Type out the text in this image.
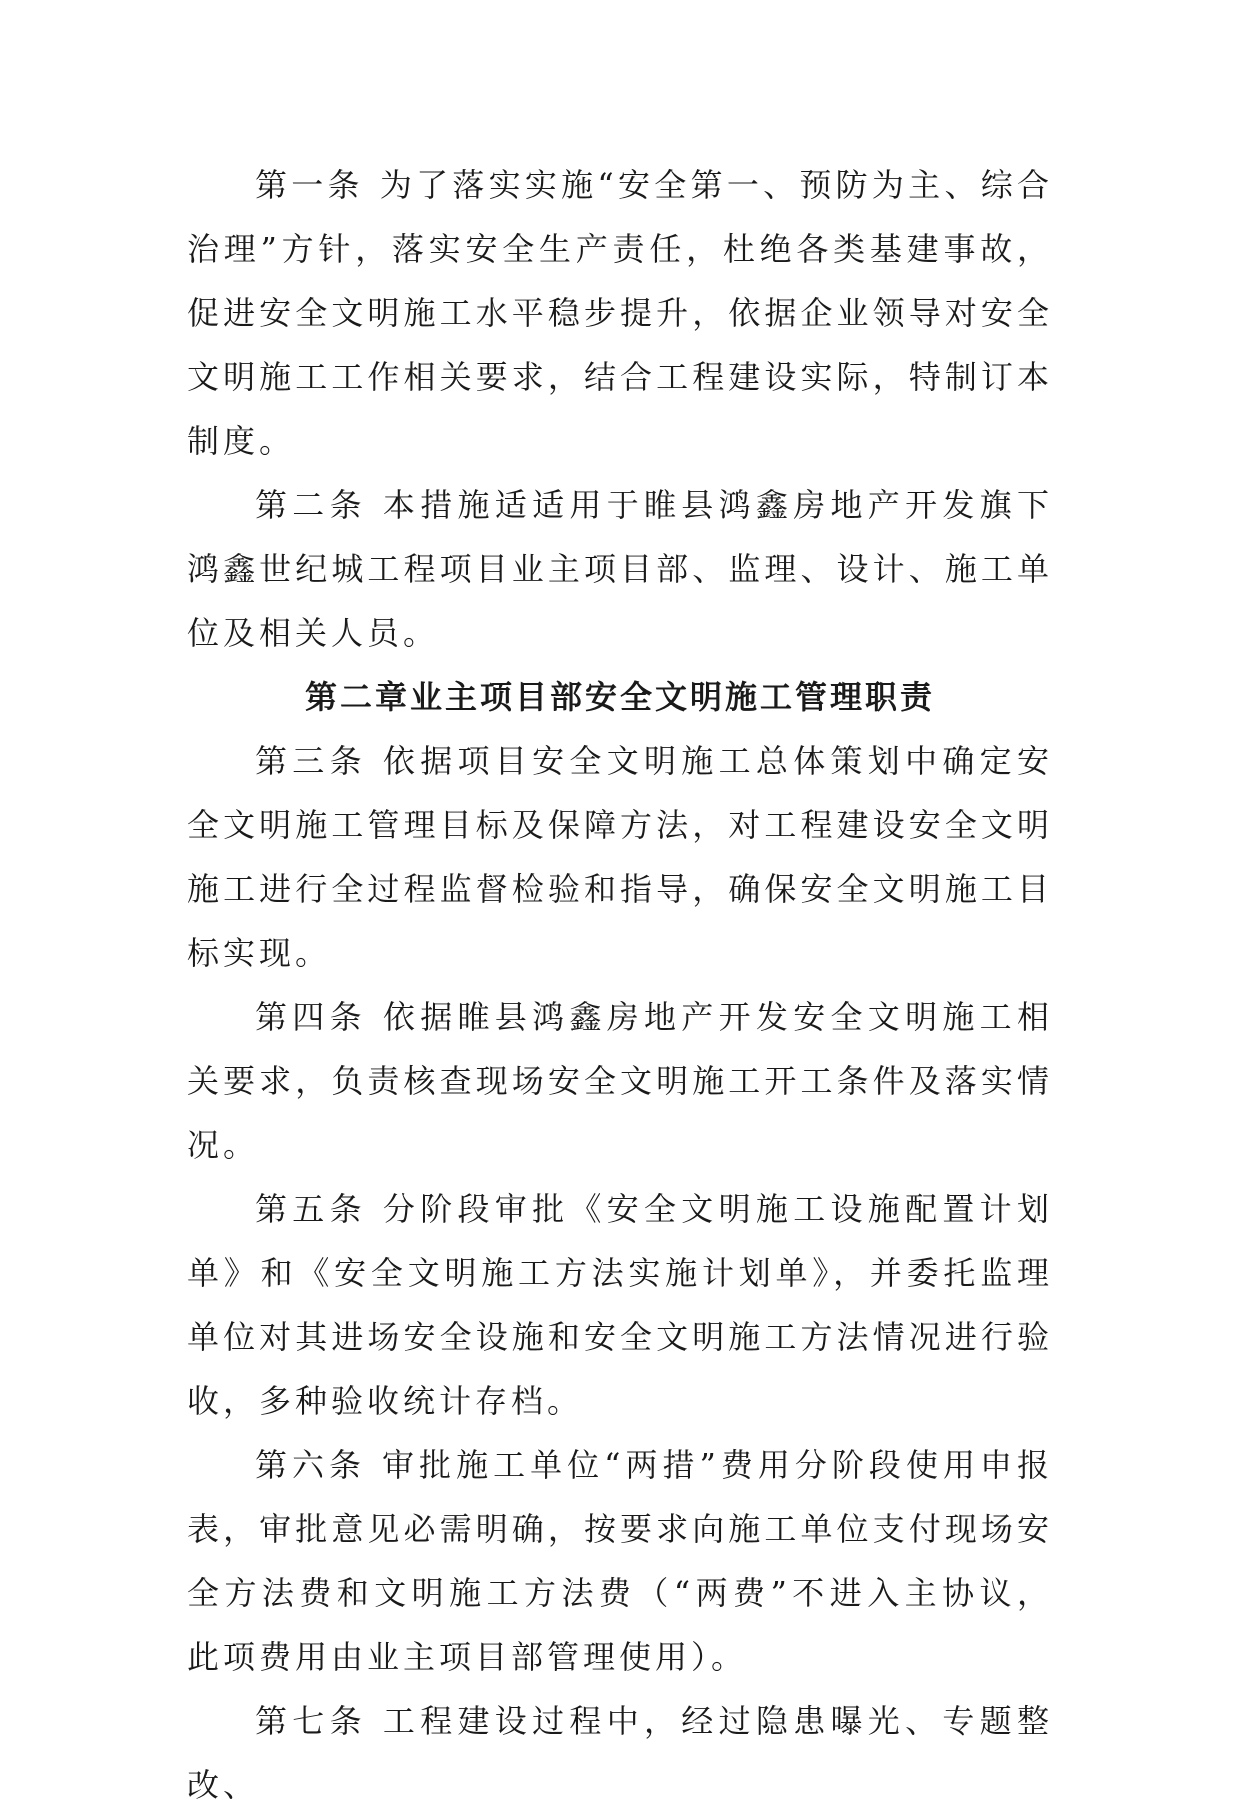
第一条 为了落实实施“安全第一、预防为主、综合治理”方针，落实安全生产责任，杜绝各类基建事故，促进安全文明施工水平稳步提升，依据企业领导对安全文明施工工作相关要求，结合工程建设实际，特制订本制度。

第二条 本措施适适用于睢县鸿鑫房地产开发旗下鸿鑫世纪城工程项目业主项目部、监理、设计、施工单位及相关人员。

第二章业主项目部安全文明施工管理职责

第三条 依据项目安全文明施工总体策划中确定安全文明施工管理目标及保障方法，对工程建设安全文明施工进行全过程监督检验和指导，确保安全文明施工目标实现。

第四条 依据睢县鸿鑫房地产开发安全文明施工相关要求，负责核查现场安全文明施工开工条件及落实情况。

第五条 分阶段审批《安全文明施工设施配置计划单》和《安全文明施工方法实施计划单》，并委托监理单位对其进场安全设施和安全文明施工方法情况进行验收，多种验收统计存档。

第六条 审批施工单位“两措”费用分阶段使用申报表，审批意见必需明确，按要求向施工单位支付现场安全方法费和文明施工方法费（“两费”不进入主协议，此项费用由业主项目部管理使用）。

第七条 工程建设过程中，经过隐患曝光、专题整改、
